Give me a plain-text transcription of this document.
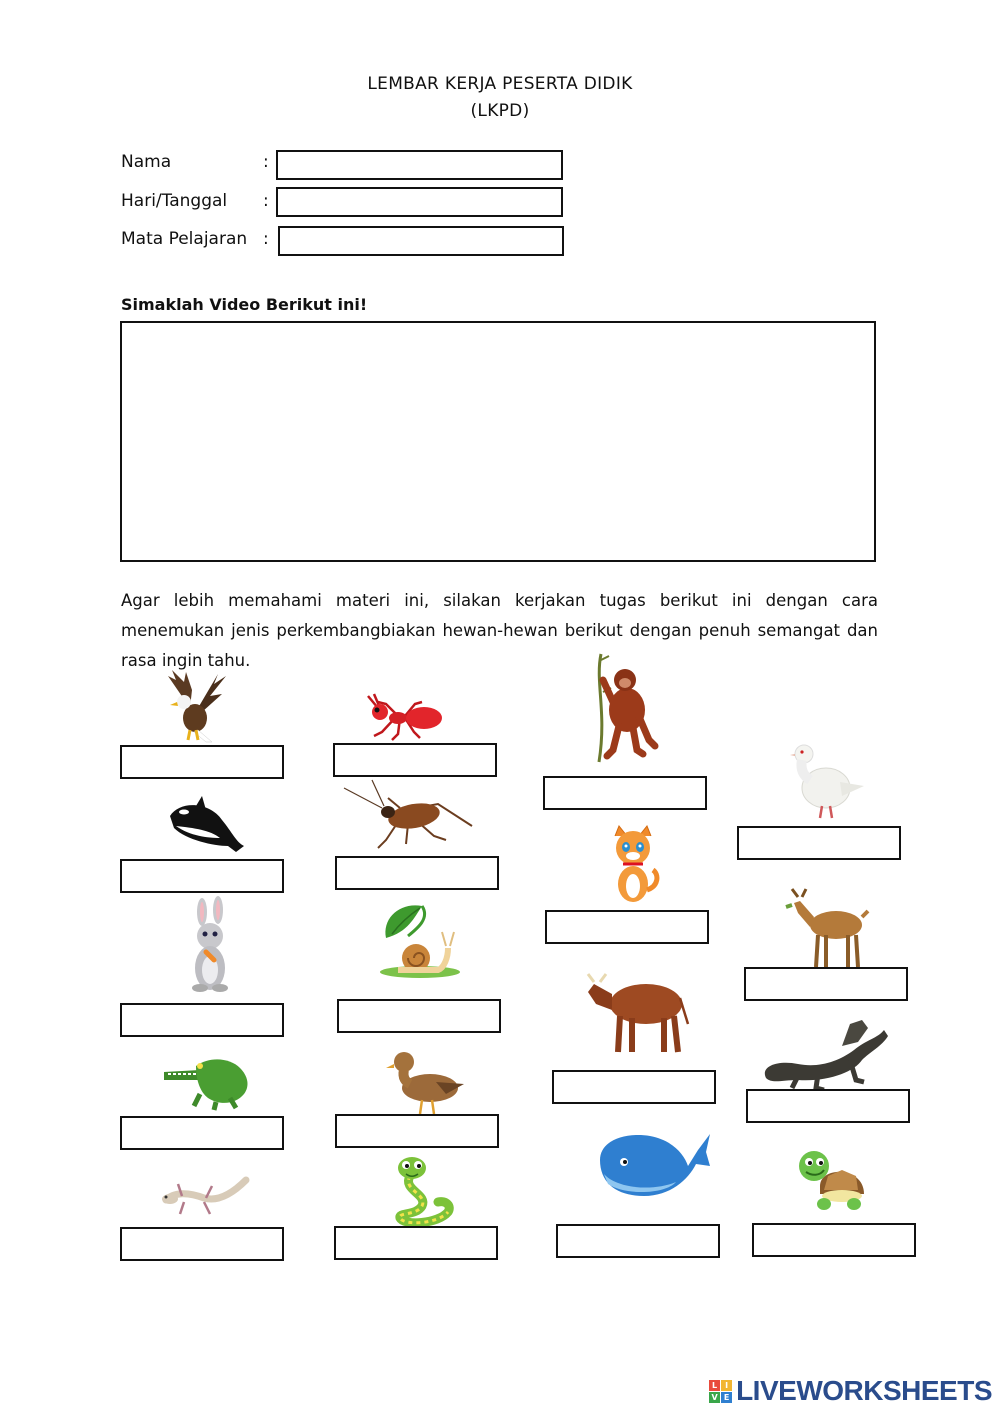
LEMBAR KERJA PESERTA DIDIK
(LKPD)
Nama	:
Hari/Tanggal :
Mata Pelajaran :
Simaklah Video Berikut ini!
Agar lebih memahami materi ini, silakan kerjakan tugas berikut ini dengan cara menemukan jenis perkembangbiakan hewan-hewan berikut dengan penuh semangat dan rasa ingin tahu.
L I
V E LIVEWORKSHEETS
